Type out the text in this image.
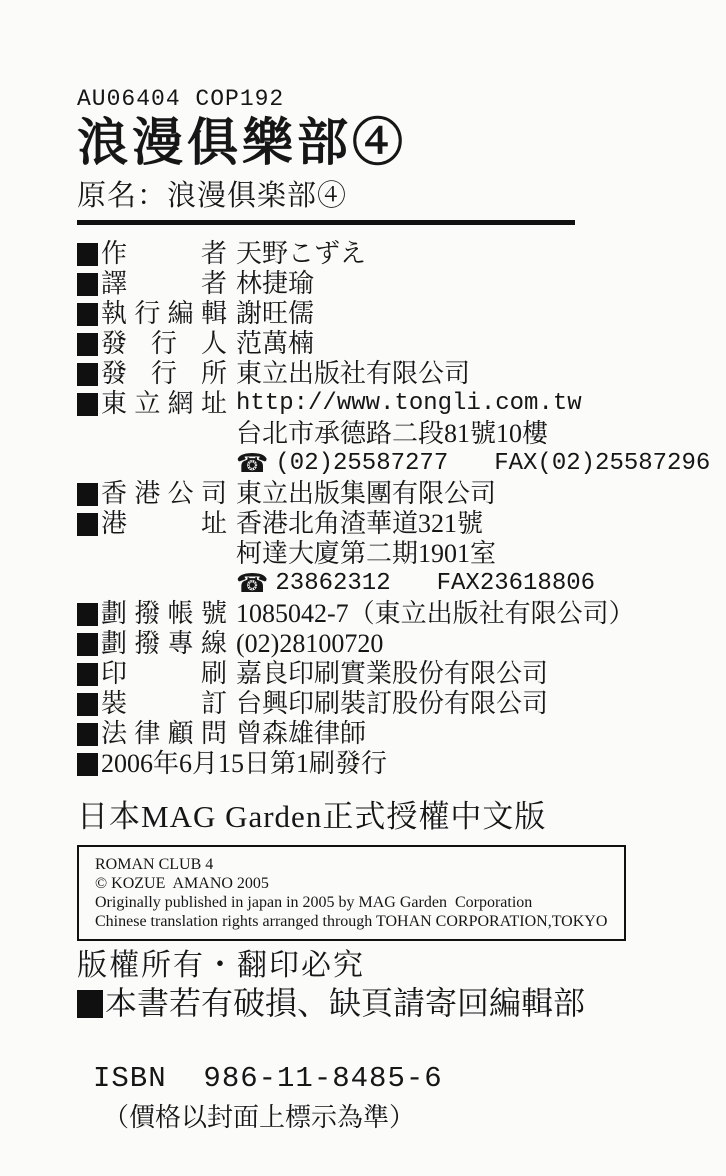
AU06404 COP192
浪漫俱樂部④
原名：浪漫俱楽部④
作者 天野こずえ
譯者 林捷瑜
執行編輯 謝旺儒
發行人 范萬楠
發行所 東立出版社有限公司
東立網址 http://www.tongli.com.tw
台北市承德路二段81號10樓
☎ (02)25587277 FAX(02)25587296
香港公司 東立出版集團有限公司
港址 香港北角渣華道321號
柯達大廈第二期1901室
☎ 23862312 FAX23618806
劃撥帳號 1085042-7（東立出版社有限公司）
劃撥專線 (02)28100720
印刷 嘉良印刷實業股份有限公司
裝訂 台興印刷裝訂股份有限公司
法律顧問 曾森雄律師
2006年6月15日第1刷發行
日本MAG Garden正式授權中文版
ROMAN CLUB 4
© KOZUE  AMANO 2005
Originally published in japan in 2005 by MAG Garden  Corporation
Chinese translation rights arranged through TOHAN CORPORATION,TOKYO
版權所有・翻印必究
本書若有破損、缺頁請寄回編輯部

ISBN  986-11-8485-6
（價格以封面上標示為準）
